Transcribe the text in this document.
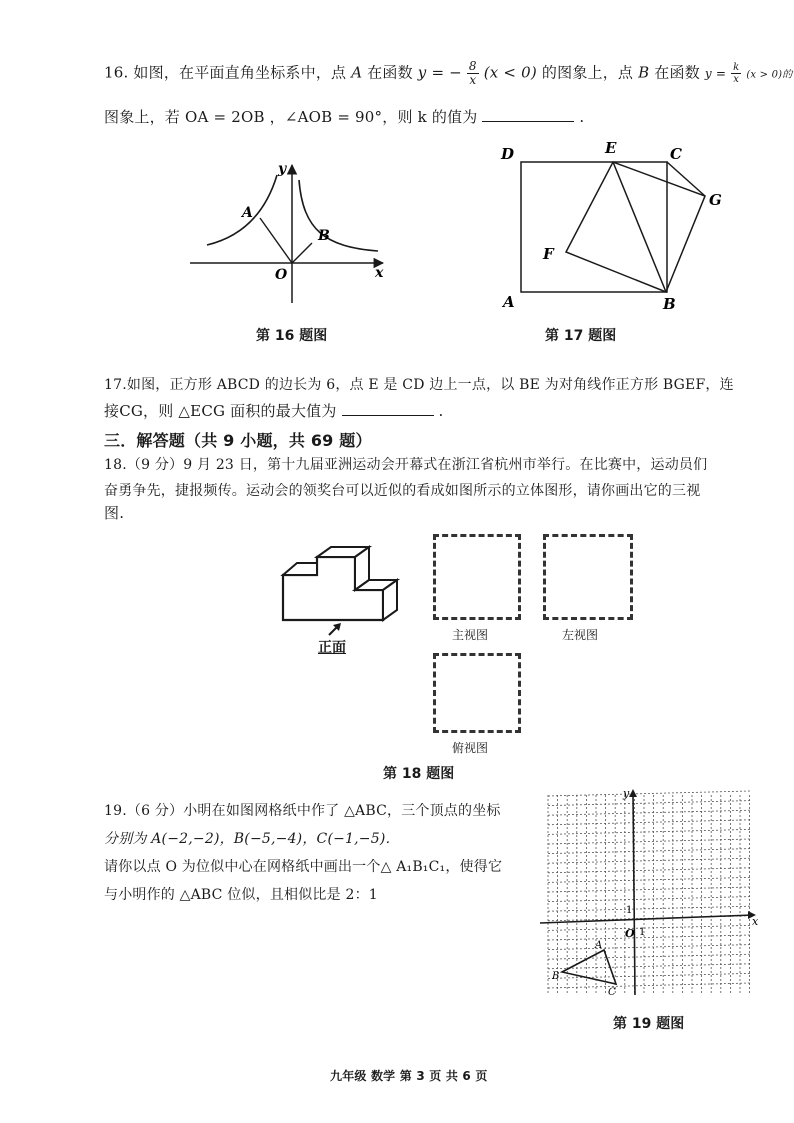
16. 如图，在平面直角坐标系中，点 A 在函数 y = − $\frac{8}{x} (x < 0)$ 的图象上，点 B 在函数 $y = \frac{k}{x} (x > 0)$的
图象上，若 OA = 2OB ，∠AOB = 90°，则 k 的值为	.
y
x
O
A
B
第 16 题图
D	E	C
G
F
A	B
第 17 题图
17.如图，正方形 ABCD 的边长为 6，点 E 是 CD 边上一点，以 BE 为对角线作正方形 BGEF，连
接CG，则 △ECG 面积的最大值为	.
三．解答题（共 9 小题，共 69 题）
18.（9 分）9 月 23 日，第十九届亚洲运动会开幕式在浙江省杭州市举行。在比赛中，运动员们
奋勇争先，捷报频传。运动会的领奖台可以近似的看成如图所示的立体图形，请你画出它的三视
图.
正面
主视图	左视图
俯视图
第 18 题图
19.（6 分）小明在如图网格纸中作了 △ABC，三个顶点的坐标
分别为 A(−2,−2)，B(−5,−4)，C(−1,−5)．
请你以点 O 为位似中心在网格纸中画出一个△ A₁B₁C₁，使得它
与小明作的 △ABC 位似，且相似比是 2：1
y
x
O 1
1
A
B
C
第 19 题图
九年级 数学 第 3 页 共 6 页
